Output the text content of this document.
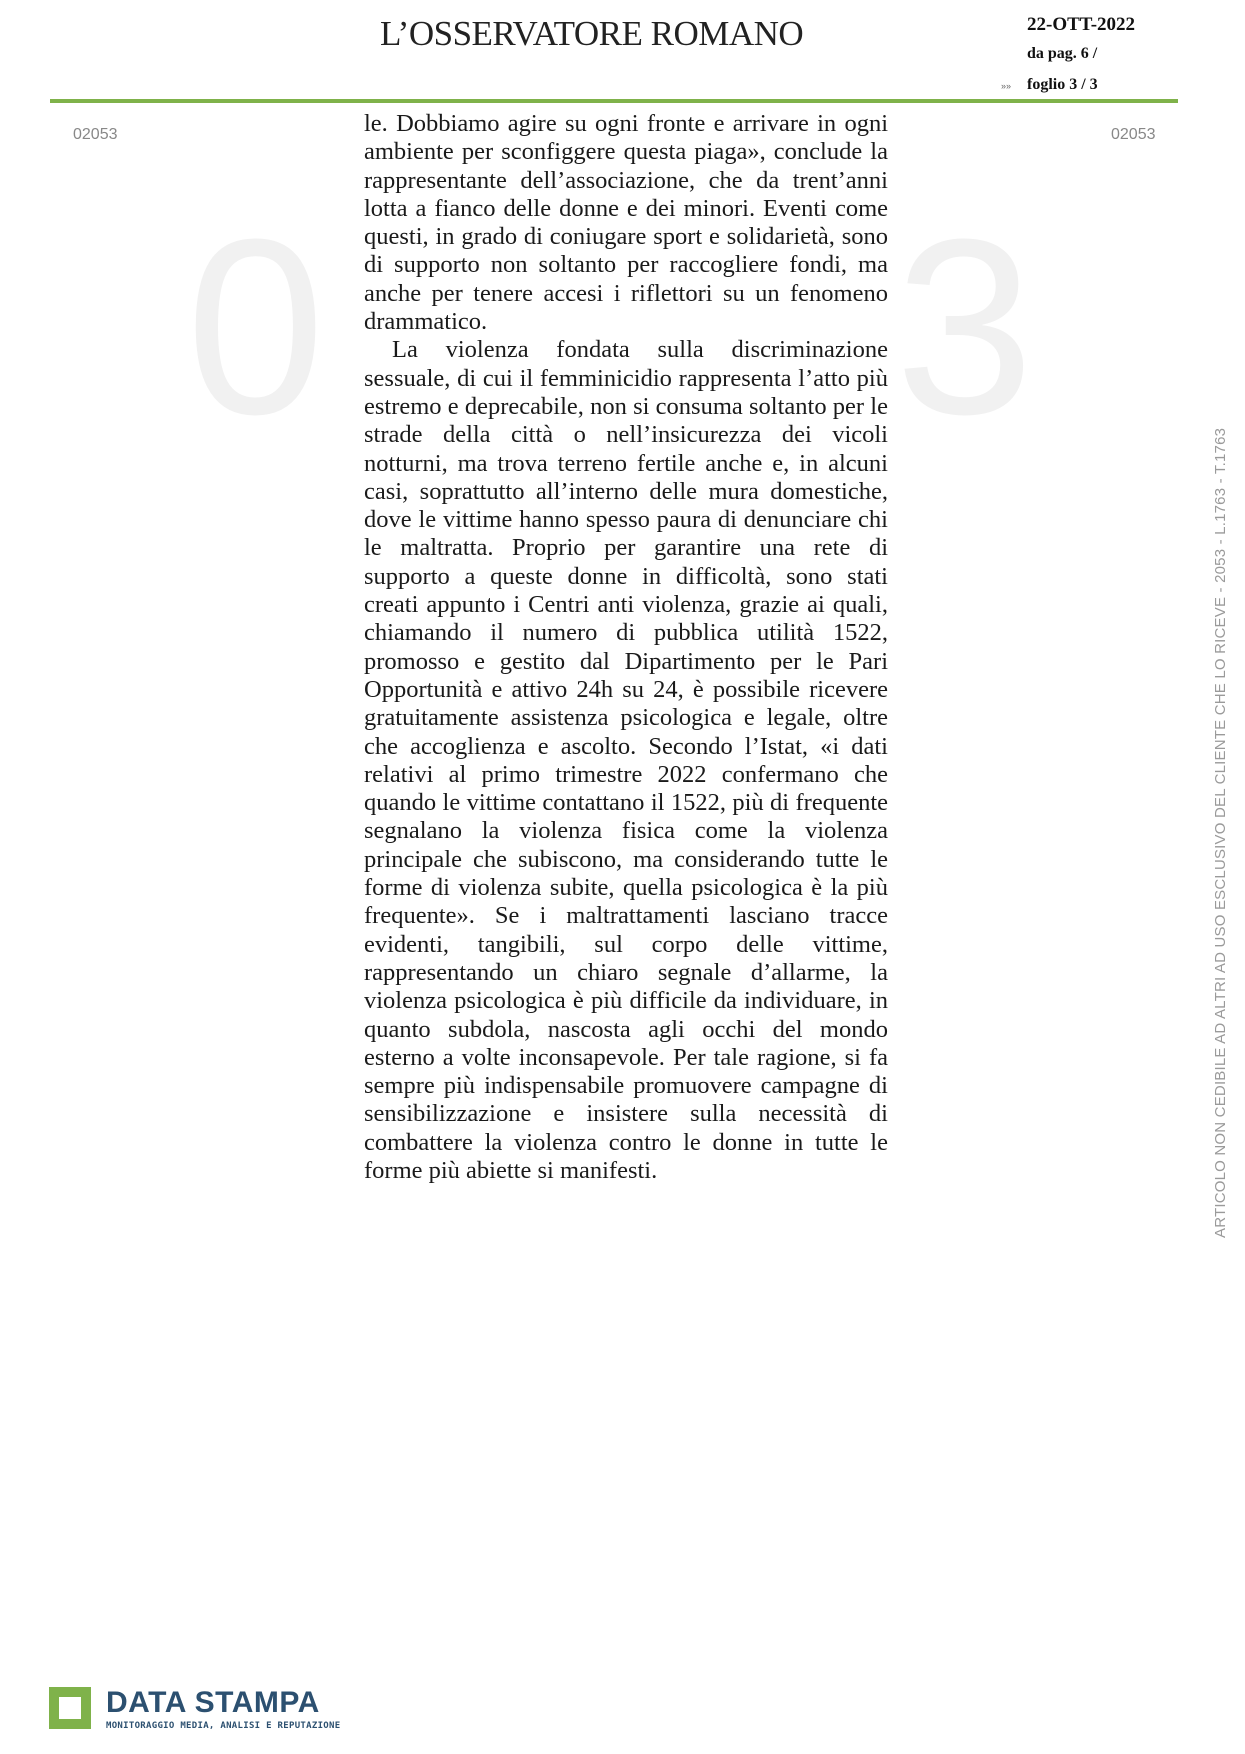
L’OSSERVATORE ROMANO	22-OTT-2022
da pag. 6 /
»» foglio 3 / 3
02053	02053
0 3
ARTICOLO NON CEDIBILE AD ALTRI AD USO ESCLUSIVO DEL CLIENTE CHE LO RICEVE - 2053 - L.1763 - T.1763

le. Dobbiamo agire su ogni fronte e arrivare in ogni ambiente per sconfiggere questa piaga», conclude la rappresentante dell’associazione, che da trent’anni lotta a fianco delle donne e dei minori. Eventi come questi, in grado di coniugare sport e solidarietà, sono di supporto non soltanto per raccogliere fondi, ma anche per tenere accesi i riflettori su un fenomeno drammatico.

La violenza fondata sulla discriminazione sessuale, di cui il femminicidio rappresenta l’atto più estremo e deprecabile, non si consuma soltanto per le strade della città o nell’insicurezza dei vicoli notturni, ma trova terreno fertile anche e, in alcuni casi, soprattutto all’interno delle mura domestiche, dove le vittime hanno spesso paura di denunciare chi le maltratta. Proprio per garantire una rete di supporto a queste donne in difficoltà, sono stati creati appunto i Centri anti violenza, grazie ai quali, chiamando il numero di pubblica utilità 1522, promosso e gestito dal Dipartimento per le Pari Opportunità e attivo 24h su 24, è possibile ricevere gratuitamente assistenza psicologica e legale, oltre che accoglienza e ascolto. Secondo l’Istat, «i dati relativi al primo trimestre 2022 confermano che quando le vittime contattano il 1522, più di frequente segnalano la violenza fisica come la violenza principale che subiscono, ma considerando tutte le forme di violenza subite, quella psicologica è la più frequente». Se i maltrattamenti lasciano tracce evidenti, tangibili, sul corpo delle vittime, rappresentando un chiaro segnale d’allarme, la violenza psicologica è più difficile da individuare, in quanto subdola, nascosta agli occhi del mondo esterno a volte inconsapevole. Per tale ragione, si fa sempre più indispensabile promuovere campagne di sensibilizzazione e insistere sulla necessità di combattere la violenza contro le donne in tutte le forme più abiette si manifesti.

DATA STAMPA
MONITORAGGIO MEDIA, ANALISI E REPUTAZIONE
